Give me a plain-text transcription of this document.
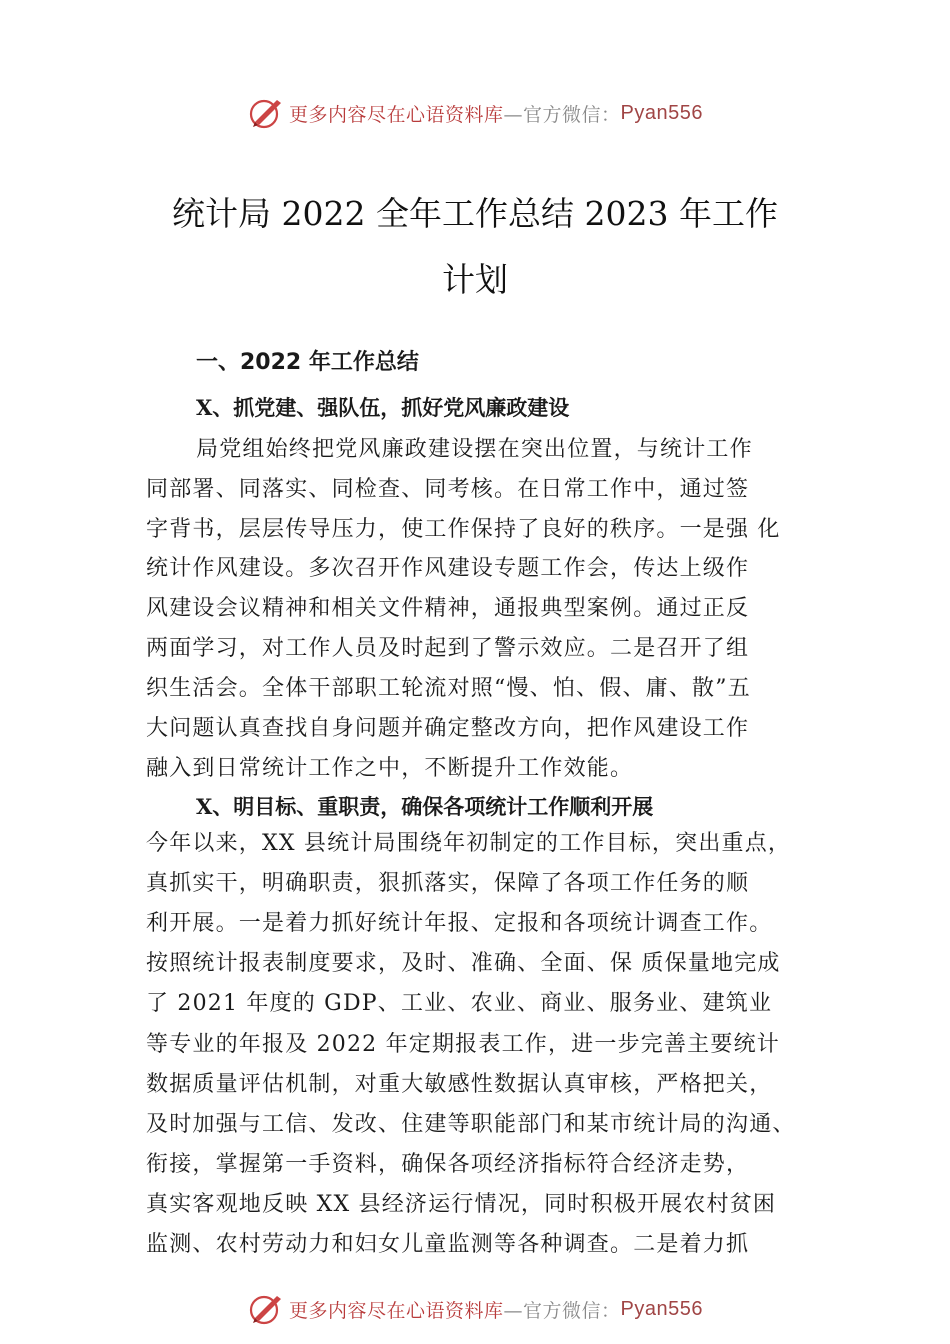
更多内容尽在心语资料库 —官方微信： Pyan556
统计局 2022 全年工作总结 2023 年工作
计划
一、2022 年工作总结
X、抓党建、强队伍，抓好党风廉政建设
局党组始终把党风廉政建设摆在突出位置，与统计工作
同部署、同落实、同检查、同考核。在日常工作中，通过签
字背书，层层传导压力，使工作保持了良好的秩序。一是强 化
统计作风建设。多次召开作风建设专题工作会，传达上级作
风建设会议精神和相关文件精神，通报典型案例。通过正反
两面学习，对工作人员及时起到了警示效应。二是召开了组
织生活会。全体干部职工轮流对照“慢、怕、假、庸、散”五
大问题认真查找自身问题并确定整改方向，把作风建设工作
融入到日常统计工作之中，不断提升工作效能。
X、明目标、重职责，确保各项统计工作顺利开展
今年以来，XX 县统计局围绕年初制定的工作目标，突出重点，
真抓实干，明确职责，狠抓落实，保障了各项工作任务的顺
利开展。一是着力抓好统计年报、定报和各项统计调查工作。
按照统计报表制度要求，及时、准确、全面、保 质保量地完成
了 2021 年度的 GDP、工业、农业、商业、服务业、建筑业
等专业的年报及 2022 年定期报表工作，进一步完善主要统计
数据质量评估机制，对重大敏感性数据认真审核，严格把关，
及时加强与工信、发改、住建等职能部门和某市统计局的沟通、
衔接，掌握第一手资料，确保各项经济指标符合经济走势，
真实客观地反映 XX 县经济运行情况，同时积极开展农村贫困
监测、农村劳动力和妇女儿童监测等各种调查。二是着力抓
更多内容尽在心语资料库 —官方微信： Pyan556
